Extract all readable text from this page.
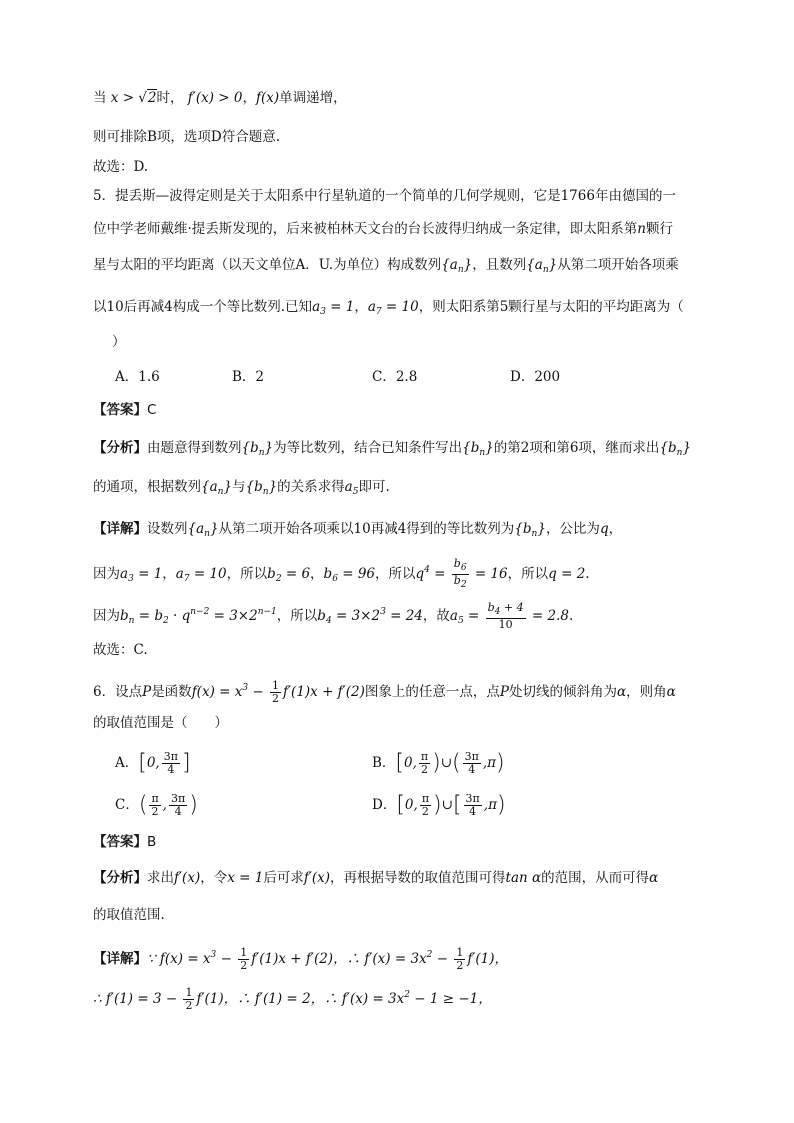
当 x > √2时， f′(x) > 0，f(x)单调递增，
则可排除B项，选项D符合题意.
故选：D.
5．提丢斯—波得定则是关于太阳系中行星轨道的一个简单的几何学规则，它是1766年由德国的一
位中学老师戴维·提丢斯发现的，后来被柏林天文台的台长波得归纳成一条定律，即太阳系第n颗行
星与太阳的平均距离（以天文单位A．U.为单位）构成数列$\{a_n\}$，且数列$\{a_n\}$从第二项开始各项乘
以10后再减4构成一个等比数列.已知$a_3 = 1$，$a_7 = 10$，则太阳系第5颗行星与太阳的平均距离为（
）
A．1.6	B．2	C．2.8	D．200
【答案】C
【分析】由题意得到数列$\{b_n\}$为等比数列，结合已知条件写出$\{b_n\}$的第2项和第6项，继而求出$\{b_n\}$
的通项，根据数列$\{a_n\}$与$\{b_n\}$的关系求得$a_5$即可.
【详解】设数列$\{a_n\}$从第二项开始各项乘以10再减4得到的等比数列为$\{b_n\}$，公比为q，
因为$a_3 = 1$，$a_7 = 10$，所以$b_2 = 6$，$b_6 = 96$，所以$q^4 = \frac{b_6}{b_2} = 16$，所以q = 2.
因为$b_n = b_2 \cdot q^{n-2} = 3\times 2^{n-1}$，所以$b_4 = 3\times 2^3 = 24$，故$a_5 = \frac{b_4 + 4}{10} = 2.8$.
故选：C.
6．设点P是函数$f(x) = x^3 - \frac{1}{2} f'(1)x + f'(2)$图象上的任意一点，点P处切线的倾斜角为α，则角α
的取值范围是（　　）
A．[0, $\frac{3\pi}{4}$ ]	B．[0, $\frac{\pi}{2}$ )∪( $\frac{3\pi}{4} ,\pi$)
C．( $\frac{\pi}{2}$ , $\frac{3\pi}{4}$ )	D．[0, $\frac{\pi}{2}$ )∪[ $\frac{3\pi}{4} ,\pi$)
【答案】B
【分析】求出f′(x)，令x = 1后可求f′(x)，再根据导数的取值范围可得tan α的范围，从而可得α
的取值范围.
【详解】∵ $f(x) = x^3 - \frac{1}{2} f'(1)x + f'(2)$，∴ $f'(x) = 3x^2 - \frac{1}{2} f'(1)$，
∴ $f'(1) = 3 - \frac{1}{2} f'(1)$，∴ f′(1) = 2，∴ $f'(x) = 3x^2 - 1 \ge -1$，
